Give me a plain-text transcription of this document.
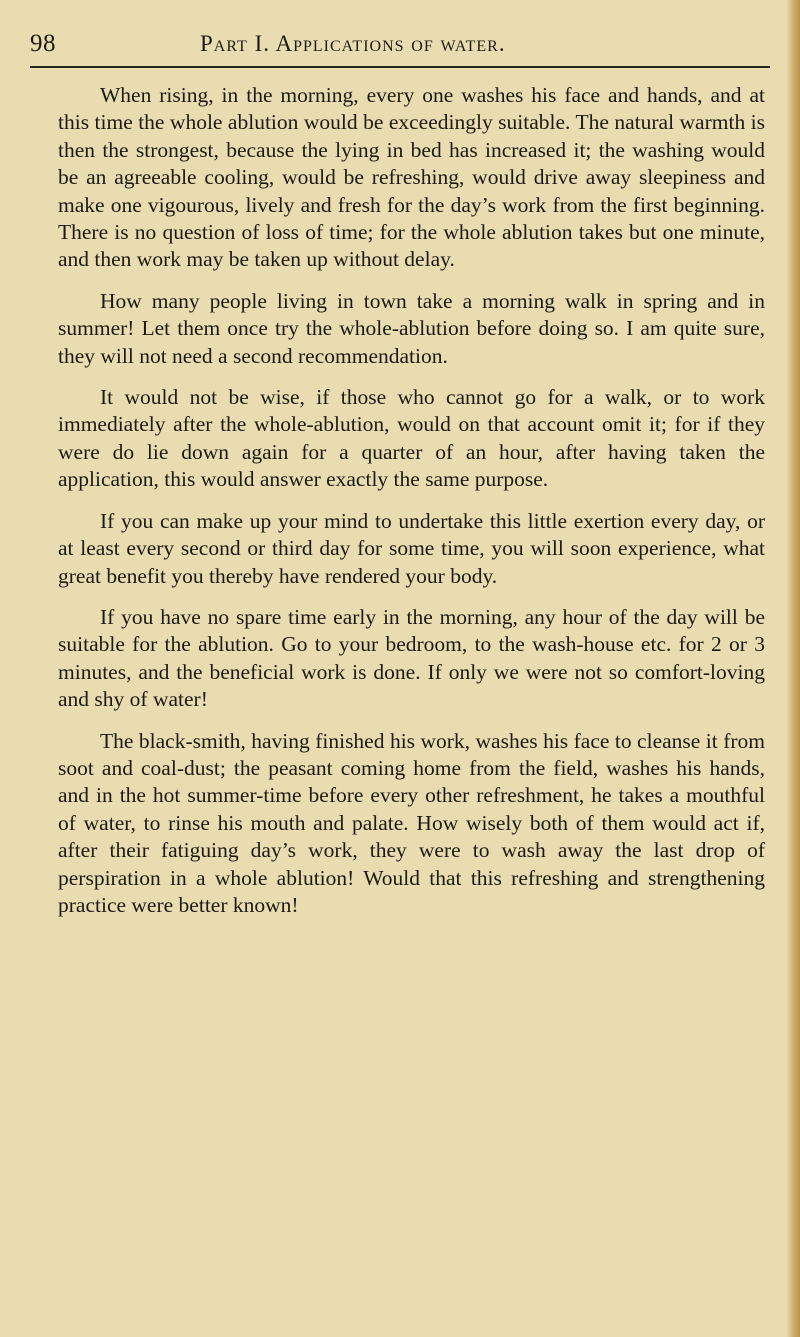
98	Part I. Applications of water.

When rising, in the morning, every one washes his face and hands, and at this time the whole ablution would be exceedingly suitable. The natural warmth is then the strongest, because the lying in bed has increased it; the washing would be an agreeable cooling, would be refreshing, would drive away sleepiness and make one vigourous, lively and fresh for the day’s work from the first beginning. There is no question of loss of time; for the whole ablution takes but one minute, and then work may be taken up without delay.

How many people living in town take a morning walk in spring and in summer! Let them once try the whole-ablution before doing so. I am quite sure, they will not need a second recommendation.

It would not be wise, if those who cannot go for a walk, or to work immediately after the whole-ablution, would on that account omit it; for if they were do lie down again for a quarter of an hour, after having taken the application, this would answer exactly the same purpose.

If you can make up your mind to undertake this little exertion every day, or at least every second or third day for some time, you will soon experience, what great benefit you thereby have rendered your body.

If you have no spare time early in the morning, any hour of the day will be suitable for the ablution. Go to your bedroom, to the wash-house etc. for 2 or 3 minutes, and the beneficial work is done. If only we were not so comfort-loving and shy of water!

The black-smith, having finished his work, washes his face to cleanse it from soot and coal-dust; the peasant coming home from the field, washes his hands, and in the hot summer-time before every other refreshment, he takes a mouthful of water, to rinse his mouth and palate. How wisely both of them would act if, after their fatiguing day’s work, they were to wash away the last drop of perspiration in a whole ablution! Would that this refreshing and strengthening practice were better known!
